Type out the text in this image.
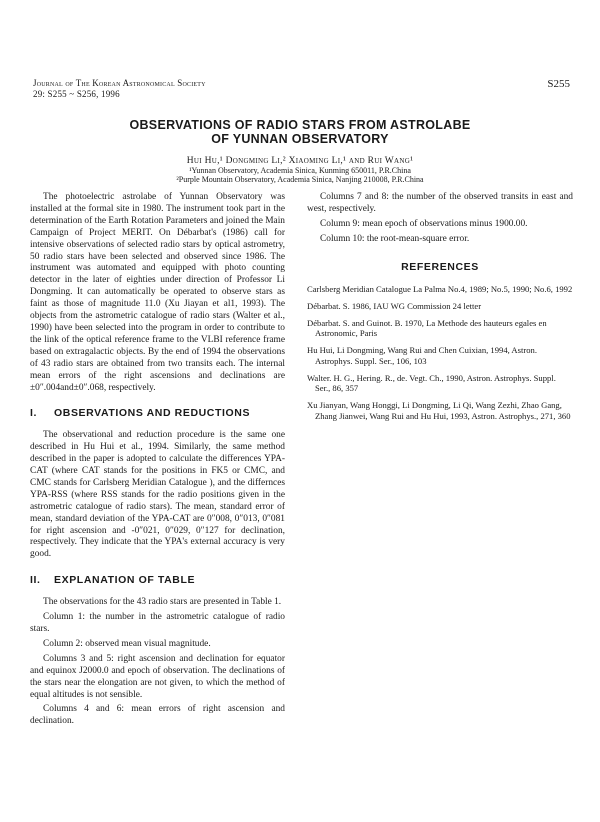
Journal of The Korean Astronomical Society
29: S255 ~ S256, 1996
S255
OBSERVATIONS OF RADIO STARS FROM ASTROLABE
OF YUNNAN OBSERVATORY
Hui Hu,¹ Dongming Li,² Xiaoming Li,¹ and Rui Wang¹
¹Yunnan Observatory, Academia Sinica, Kunming 650011, P.R.China
²Purple Mountain Observatory, Academia Sinica, Nanjing 210008, P.R.China

The photoelectric astrolabe of Yunnan Observatory was installed at the formal site in 1980. The instrument took part in the determination of the Earth Rotation Parameters and joined the Main Campaign of Project MERIT. On Débarbat's (1986) call for intensive observations of selected radio stars by optical astrometry, 50 radio stars have been selected and observed since 1986. The instrument was automated and equipped with photo counting detector in the later of eighties under direction of Professor Li Dongming. It can automatically be operated to observe stars as faint as those of magnitude 11.0 (Xu Jiayan et al1, 1993). The objects from the astrometric catalogue of radio stars (Walter et al., 1990) have been selected into the program in order to contribute to the link of the optical reference frame to the VLBI reference frame based on extragalactic objects. By the end of 1994 the observations of 43 radio stars are obtained from two transits each. The internal mean errors of the right ascensions and declinations are ±0″.004and±0″.068, respectively.

I.	OBSERVATIONS AND REDUCTIONS

The observational and reduction procedure is the same one described in Hu Hui et al., 1994. Similarly, the same method described in the paper is adopted to calculate the differences YPA-CAT (where CAT stands for the positions in FK5 or CMC, and CMC stands for Carlsberg Meridian Catalogue ), and the differnces YPA-RSS (where RSS stands for the radio positions given in the astrometric catalogue of radio stars). The mean, standard error of mean, standard deviation of the YPA-CAT are 0″008, 0″013, 0″081 for right ascension and -0″021, 0″029, 0″127 for declination, respectively. They indicate that the YPA's external accuracy is very good.

II.	EXPLANATION OF TABLE

The observations for the 43 radio stars are presented in Table 1.

Column 1: the number in the astrometric catalogue of radio stars.

Column 2: observed mean visual magnitude.

Columns 3 and 5: right ascension and declination for equator and equinox J2000.0 and epoch of observation. The declinations of the stars near the elongation are not given, to which the method of equal altitudes is not sensible.

Columns 4 and 6: mean errors of right ascension and declination.

Columns 7 and 8: the number of the observed transits in east and west, respectively.

Column 9: mean epoch of observations minus 1900.00.

Column 10: the root-mean-square error.

REFERENCES

Carlsberg Meridian Catalogue La Palma No.4, 1989; No.5, 1990; No.6, 1992

Débarbat. S. 1986, IAU WG Commission 24 letter

Débarbat. S. and Guinot. B. 1970, La Methode des hauteurs egales en Astronomic, Paris

Hu Hui, Li Dongming, Wang Rui and Chen Cuixian, 1994, Astron. Astrophys. Suppl. Ser., 106, 103

Walter. H. G., Hering. R., de. Vegt. Ch., 1990, Astron. Astrophys. Suppl. Ser., 86, 357

Xu Jianyan, Wang Honggi, Li Dongming, Li Qi, Wang Zezhi, Zhao Gang, Zhang Jianwei, Wang Rui and Hu Hui, 1993, Astron. Astrophys., 271, 360
